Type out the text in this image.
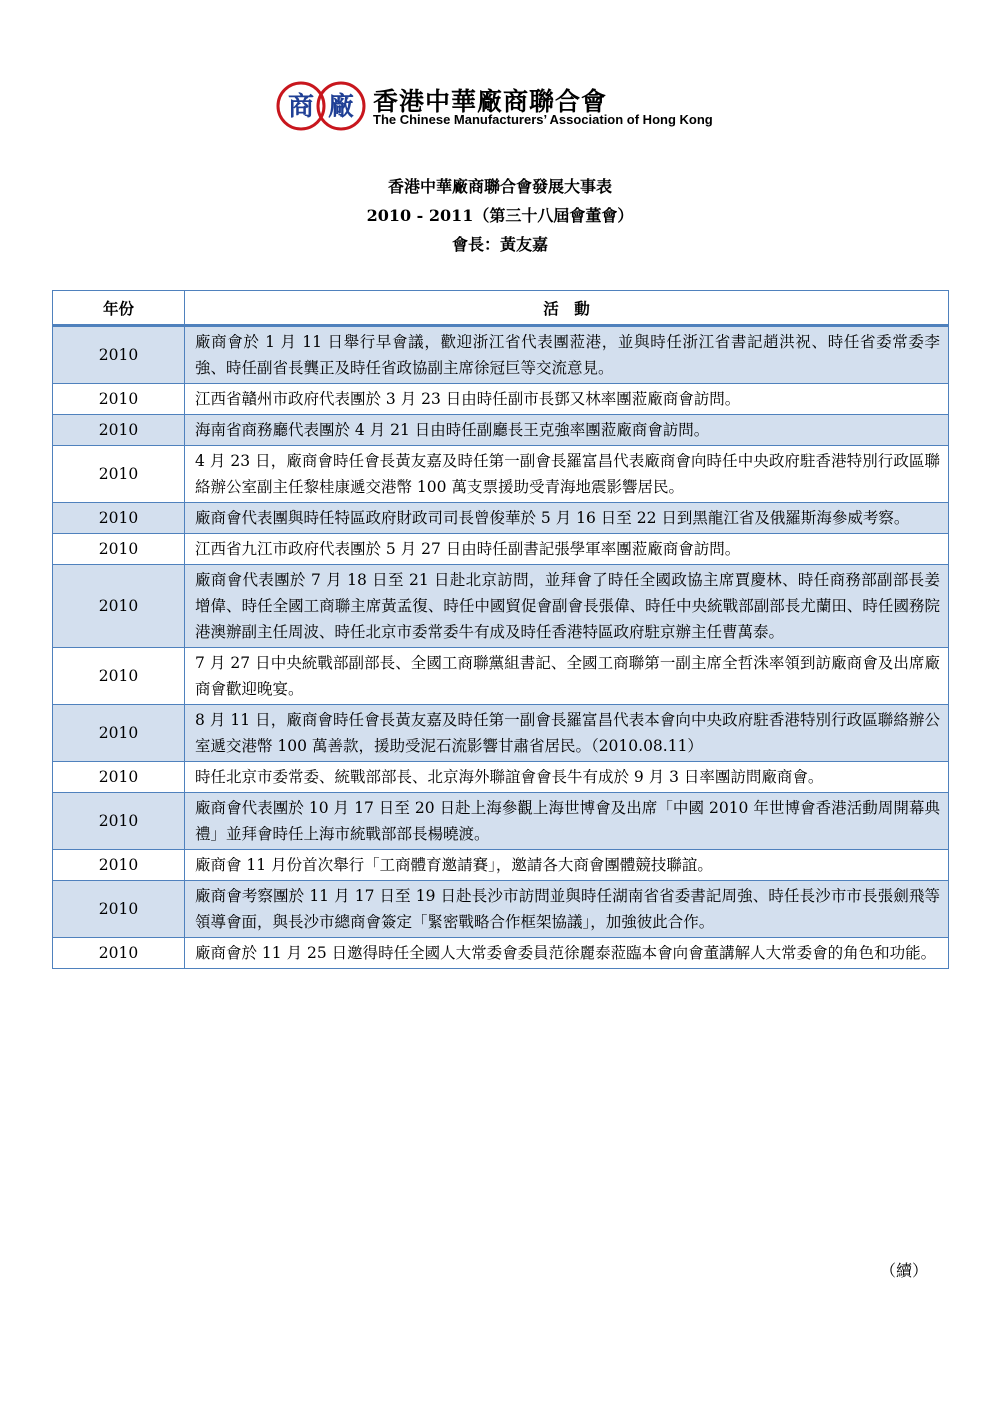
商 廠 香港中華廠商聯合會
The Chinese Manufacturers’ Association of Hong Kong
香港中華廠商聯合會發展大事表
2010 - 2011（第三十八屆會董會）
會長：黃友嘉
年份	活　動
2010	廠商會於 1 月 11 日舉行早會議，歡迎浙江省代表團蒞港，並與時任浙江省書記趙洪祝、時任省委常委李強、時任副省長龔正及時任省政協副主席徐冠巨等交流意見。
2010	江西省贛州市政府代表團於 3 月 23 日由時任副市長鄧又林率團蒞廠商會訪問。
2010	海南省商務廳代表團於 4 月 21 日由時任副廳長王克強率團蒞廠商會訪問。
2010	4 月 23 日，廠商會時任會長黃友嘉及時任第一副會長羅富昌代表廠商會向時任中央政府駐香港特別行政區聯絡辦公室副主任黎桂康遞交港幣 100 萬支票援助受青海地震影響居民。
2010	廠商會代表團與時任特區政府財政司司長曾俊華於 5 月 16 日至 22 日到黑龍江省及俄羅斯海參威考察。
2010	江西省九江市政府代表團於 5 月 27 日由時任副書記張學軍率團蒞廠商會訪問。
2010	廠商會代表團於 7 月 18 日至 21 日赴北京訪問，並拜會了時任全國政協主席賈慶林、時任商務部副部長姜增偉、時任全國工商聯主席黃孟復、時任中國貿促會副會長張偉、時任中央統戰部副部長尤蘭田、時任國務院港澳辦副主任周波、時任北京市委常委牛有成及時任香港特區政府駐京辦主任曹萬泰。
2010	7 月 27 日中央統戰部副部長、全國工商聯黨組書記、全國工商聯第一副主席全哲洙率領到訪廠商會及出席廠商會歡迎晚宴。
2010	8 月 11 日，廠商會時任會長黃友嘉及時任第一副會長羅富昌代表本會向中央政府駐香港特別行政區聯絡辦公室遞交港幣 100 萬善款，援助受泥石流影響甘肅省居民。（2010.08.11）
2010	時任北京市委常委、統戰部部長、北京海外聯誼會會長牛有成於 9 月 3 日率團訪問廠商會。
2010	廠商會代表團於 10 月 17 日至 20 日赴上海參觀上海世博會及出席「中國 2010 年世博會香港活動周開幕典禮」並拜會時任上海市統戰部部長楊曉渡。
2010	廠商會 11 月份首次舉行「工商體育邀請賽」，邀請各大商會團體競技聯誼。
2010	廠商會考察團於 11 月 17 日至 19 日赴長沙市訪問並與時任湖南省省委書記周強、時任長沙市市長張劍飛等領導會面，與長沙市總商會簽定「緊密戰略合作框架協議」，加強彼此合作。
2010	廠商會於 11 月 25 日邀得時任全國人大常委會委員范徐麗泰蒞臨本會向會董講解人大常委會的角色和功能。
（續）
